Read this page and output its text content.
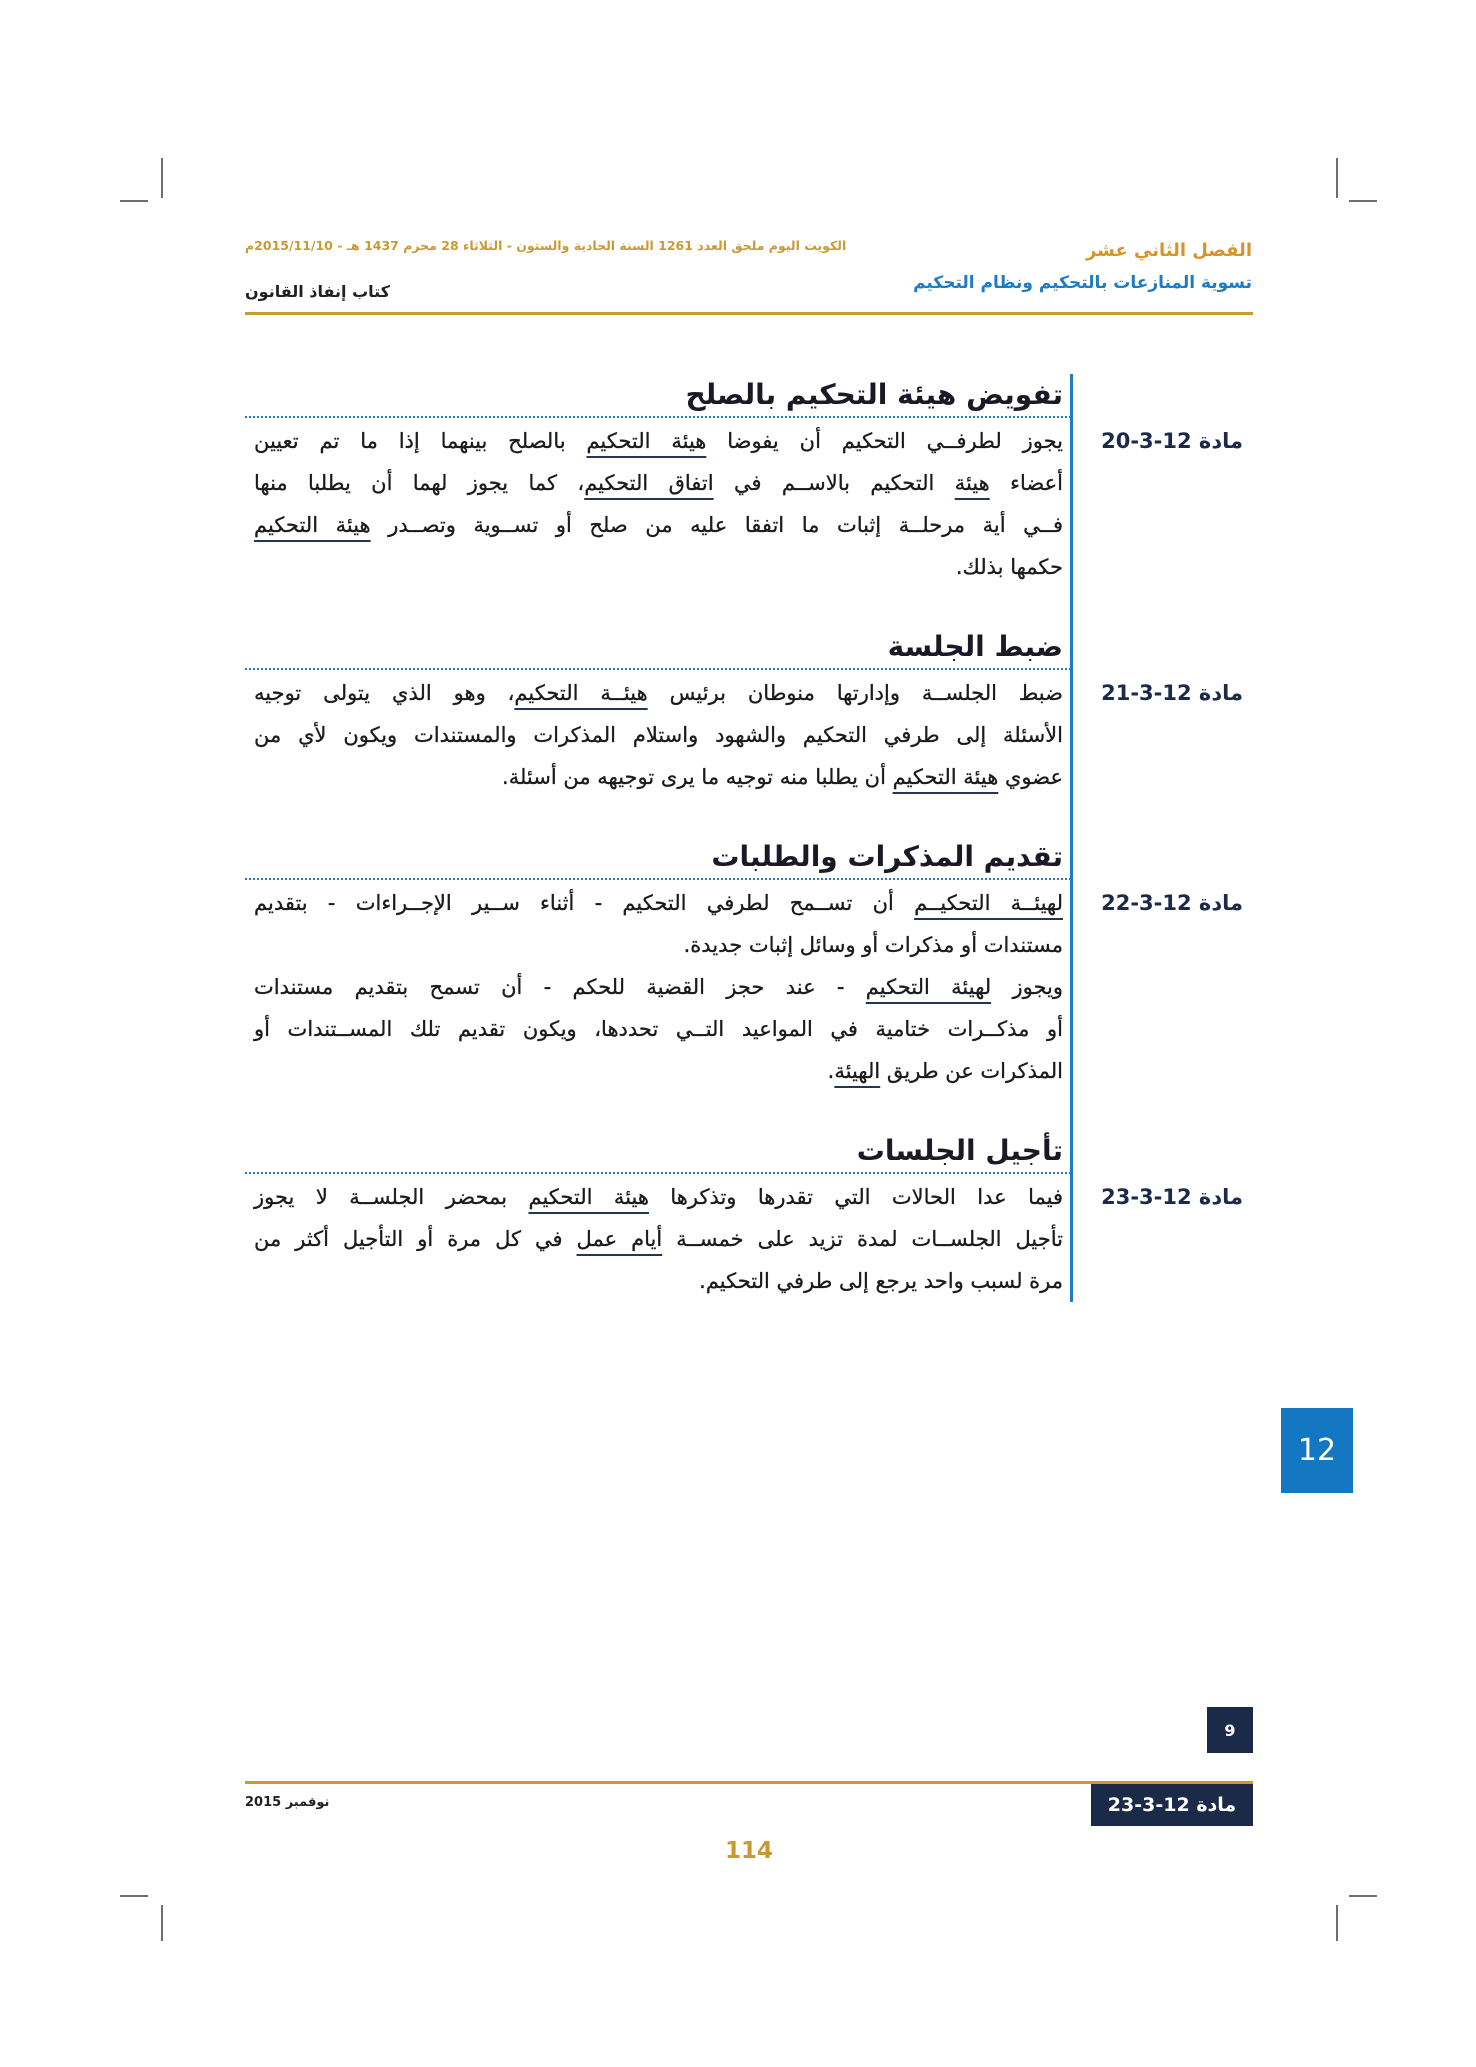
الفصل الثاني عشر
تسوية المنازعات بالتحكيم ونظام التحكيم
الكويت اليوم ملحق العدد 1261 السنة الحادية والستون - الثلاثاء 28 محرم 1437 هـ - 2015/11/10م
كتاب إنفاذ القانون
تفويض هيئة التحكيم بالصلح
مادة 12-3-20
يجوز لطرفــي التحكيم أن يفوضا هيئة التحكيم بالصلح بينهما إذا ما تم تعيين
أعضاء هيئة التحكيم بالاســم في اتفاق التحكيم، كما يجوز لهما أن يطلبا منها
فــي أية مرحلــة إثبات ما اتفقا عليه من صلح أو تســوية وتصــدر هيئة التحكيم
حكمها بذلك.
ضبط الجلسة
مادة 12-3-21
ضبط الجلســة وإدارتها منوطان برئيس هيئــة التحكيم، وهو الذي يتولى توجيه
الأسئلة إلى طرفي التحكيم والشهود واستلام المذكرات والمستندات ويكون لأي من
عضوي هيئة التحكيم أن يطلبا منه توجيه ما يرى توجيهه من أسئلة.
تقديم المذكرات والطلبات
مادة 12-3-22
لهيئــة التحكيــم أن تســمح لطرفي التحكيم - أثناء ســير الإجــراءات - بتقديم
مستندات أو مذكرات أو وسائل إثبات جديدة.
ويجوز لهيئة التحكيم - عند حجز القضية للحكم - أن تسمح بتقديم مستندات
أو مذكــرات ختامية في المواعيد التــي تحددها، ويكون تقديم تلك المســتندات أو
المذكرات عن طريق الهيئة.
تأجيل الجلسات
مادة 12-3-23
فيما عدا الحالات التي تقدرها وتذكرها هيئة التحكيم بمحضر الجلســة لا يجوز
تأجيل الجلســات لمدة تزيد على خمســة أيام عمل في كل مرة أو التأجيل أكثر من
مرة لسبب واحد يرجع إلى طرفي التحكيم.
12
9
مادة 12-3-23
نوفمبر 2015
114
